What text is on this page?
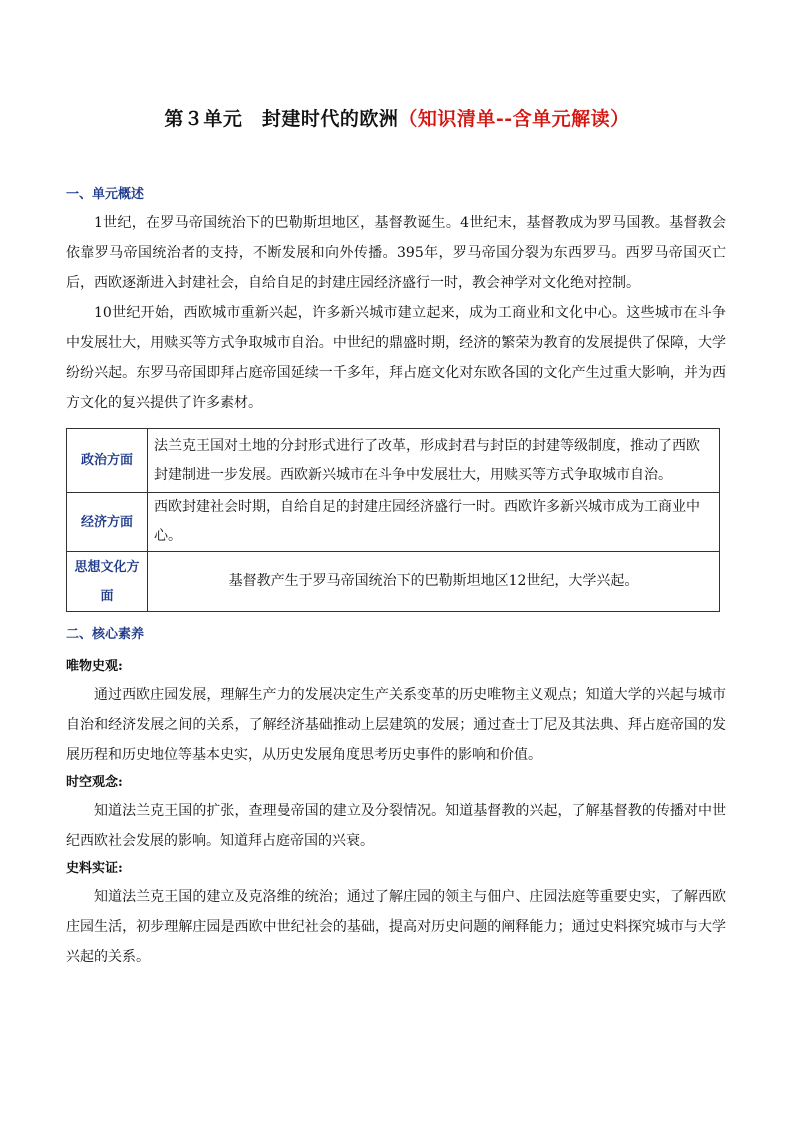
第３单元　封建时代的欧洲（知识清单--含单元解读）
一、单元概述

1世纪，在罗马帝国统治下的巴勒斯坦地区，基督教诞生。4世纪末，基督教成为罗马国教。基督教会依靠罗马帝国统治者的支持，不断发展和向外传播。395年，罗马帝国分裂为东西罗马。西罗马帝国灭亡后，西欧逐渐进入封建社会，自给自足的封建庄园经济盛行一时，教会神学对文化绝对控制。

10世纪开始，西欧城市重新兴起，许多新兴城市建立起来，成为工商业和文化中心。这些城市在斗争中发展壮大，用赎买等方式争取城市自治。中世纪的鼎盛时期，经济的繁荣为教育的发展提供了保障，大学纷纷兴起。东罗马帝国即拜占庭帝国延续一千多年，拜占庭文化对东欧各国的文化产生过重大影响，并为西方文化的复兴提供了许多素材。

政治方面	法兰克王国对土地的分封形式进行了改革，形成封君与封臣的封建等级制度，推动了西欧封建制进一步发展。西欧新兴城市在斗争中发展壮大，用赎买等方式争取城市自治。
经济方面	西欧封建社会时期，自给自足的封建庄园经济盛行一时。西欧许多新兴城市成为工商业中心。
思想文化方面	基督教产生于罗马帝国统治下的巴勒斯坦地区12世纪，大学兴起。
二、核心素养
唯物史观:

通过西欧庄园发展，理解生产力的发展决定生产关系变革的历史唯物主义观点；知道大学的兴起与城市自治和经济发展之间的关系，了解经济基础推动上层建筑的发展；通过查士丁尼及其法典、拜占庭帝国的发展历程和历史地位等基本史实，从历史发展角度思考历史事件的影响和价值。

时空观念:

知道法兰克王国的扩张，查理曼帝国的建立及分裂情况。知道基督教的兴起，了解基督教的传播对中世纪西欧社会发展的影响。知道拜占庭帝国的兴衰。

史料实证:

知道法兰克王国的建立及克洛维的统治；通过了解庄园的领主与佃户、庄园法庭等重要史实，了解西欧庄园生活，初步理解庄园是西欧中世纪社会的基础，提高对历史问题的阐释能力；通过史料探究城市与大学兴起的关系。
